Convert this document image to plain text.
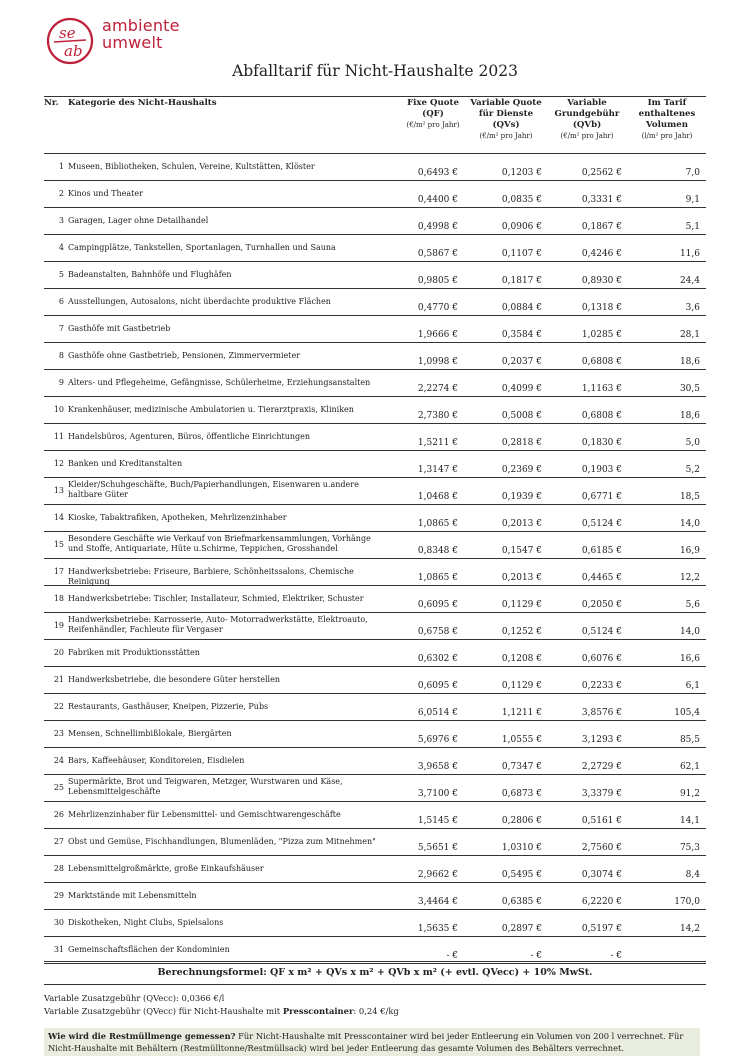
se
ab
ambiente
umwelt
Abfalltarif für Nicht-Haushalte 2023
Nr.	Kategorie des Nicht-Haushalts	Fixe Quote (QF)
(€/m² pro Jahr)
Variable Quote für Dienste (QVs)
(€/m² pro Jahr)
Variable Grundgebühr (QVb)
(€/m² pro Jahr)
Im Tarif enthaltenes Volumen
(l/m² pro Jahr)
1 Museen, Bibliotheken, Schulen, Vereine, Kultstätten, Klöster
0,6493 €	0,1203 €	0,2562 €	7,0
2 Kinos und Theater
0,4400 €	0,0835 €	0,3331 €	9,1
3 Garagen, Lager ohne Detailhandel
0,4998 €	0,0906 €	0,1867 €	5,1
4 Campingplätze, Tankstellen, Sportanlagen, Turnhallen und Sauna
0,5867 €	0,1107 €	0,4246 €	11,6
5 Badeanstalten, Bahnhöfe und Flughäfen
0,9805 €	0,1817 €	0,8930 €	24,4
6 Ausstellungen, Autosalons, nicht überdachte produktive Flächen
0,4770 €	0,0884 €	0,1318 €	3,6
7 Gasthöfe mit Gastbetrieb
1,9666 €	0,3584 €	1,0285 €	28,1
8 Gasthöfe ohne Gastbetrieb, Pensionen, Zimmervermieter
1,0998 €	0,2037 €	0,6808 €	18,6
9 Alters- und Pflegeheime, Gefängnisse, Schülerheime, Erziehungsanstalten
2,2274 €	0,4099 €	1,1163 €	30,5
10 Krankenhäuser, medizinische Ambulatorien u. Tierarztpraxis, Kliniken
2,7380 €	0,5008 €	0,6808 €	18,6
11 Handelsbüros, Agenturen, Büros, öffentliche Einrichtungen
1,5211 €	0,2818 €	0,1830 €	5,0
12 Banken und Kreditanstalten
1,3147 €	0,2369 €	0,1903 €	5,2
13
Kleider/Schuhgeschäfte, Buch/Papierhandlungen, Eisenwaren u.andere haltbare Güter	1,0468 €	0,1939 €	0,6771 €	18,5
14 Kioske, Tabaktrafiken, Apotheken, Mehrlizenzinhaber
1,0865 €	0,2013 €	0,5124 €	14,0
15
Besondere Geschäfte wie Verkauf von Briefmarkensammlungen, Vorhänge und Stoffe, Antiquariate, Hüte u.Schirme, Teppichen, Grosshandel	0,8348 €	0,1547 €	0,6185 €	16,9
17 Handwerksbetriebe: Friseure, Barbiere, Schönheitssalons, Chemische Reinigung	1,0865 €	0,2013 €	0,4465 €	12,2
18 Handwerksbetriebe: Tischler, Installateur, Schmied, Elektriker, Schuster
0,6095 €	0,1129 €	0,2050 €	5,6
19
Handwerksbetriebe: Karrosserie, Auto- Motorradwerkstätte, Elektroauto, Reifenhändler, Fachleute für Vergaser	0,6758 €	0,1252 €	0,5124 €	14,0
20 Fabriken mit Produktionsstätten
0,6302 €	0,1208 €	0,6076 €	16,6
21 Handwerksbetriebe, die besondere Güter herstellen
0,6095 €	0,1129 €	0,2233 €	6,1
22 Restaurants, Gasthäuser, Kneipen, Pizzerie, Pubs
6,0514 €	1,1211 €	3,8576 €	105,4
23 Mensen, Schnellimbißlokale, Biergärten
5,6976 €	1,0555 €	3,1293 €	85,5
24 Bars, Kaffeehäuser, Konditoreien, Eisdielen
3,9658 €	0,7347 €	2,2729 €	62,1
25
Supermärkte, Brot und Teigwaren, Metzger, Wurstwaren und Käse, Lebensmittelgeschäfte	3,7100 €	0,6873 €	3,3379 €	91,2
26 Mehrlizenzinhaber für Lebensmittel- und Gemischtwarengeschäfte
1,5145 €	0,2806 €	0,5161 €	14,1
27 Obst und Gemüse, Fischhandlungen, Blumenläden, "Pizza zum Mitnehmen"
5,5651 €	1,0310 €	2,7560 €	75,3
28 Lebensmittelgroßmärkte, große Einkaufshäuser
2,9662 €	0,5495 €	0,3074 €	8,4
29 Marktstände mit Lebensmitteln
3,4464 €	0,6385 €	6,2220 €	170,0
30 Diskotheken, Night Clubs, Spielsalons
1,5635 €	0,2897 €	0,5197 €	14,2
31 Gemeinschaftsflächen der Kondominien
- €	- €	- €
Berechnungsformel: QF x m² + QVs x m² + QVb x m² (+ evtl. QVecc) + 10% MwSt.
Variable Zusatzgebühr (QVecc): 0,0366 €/l
Variable Zusatzgebühr (QVecc) für Nicht-Haushalte mit Presscontainer: 0,24 €/kg
Wie wird die Restmüllmenge gemessen? Für Nicht-Haushalte mit Presscontainer wird bei jeder Entleerung ein Volumen von 200 l verrechnet. Für Nicht-Haushalte mit Behältern (Restmülltonne/Restmüllsack) wird bei jeder Entleerung das gesamte Volumen des Behälters verrechnet.
